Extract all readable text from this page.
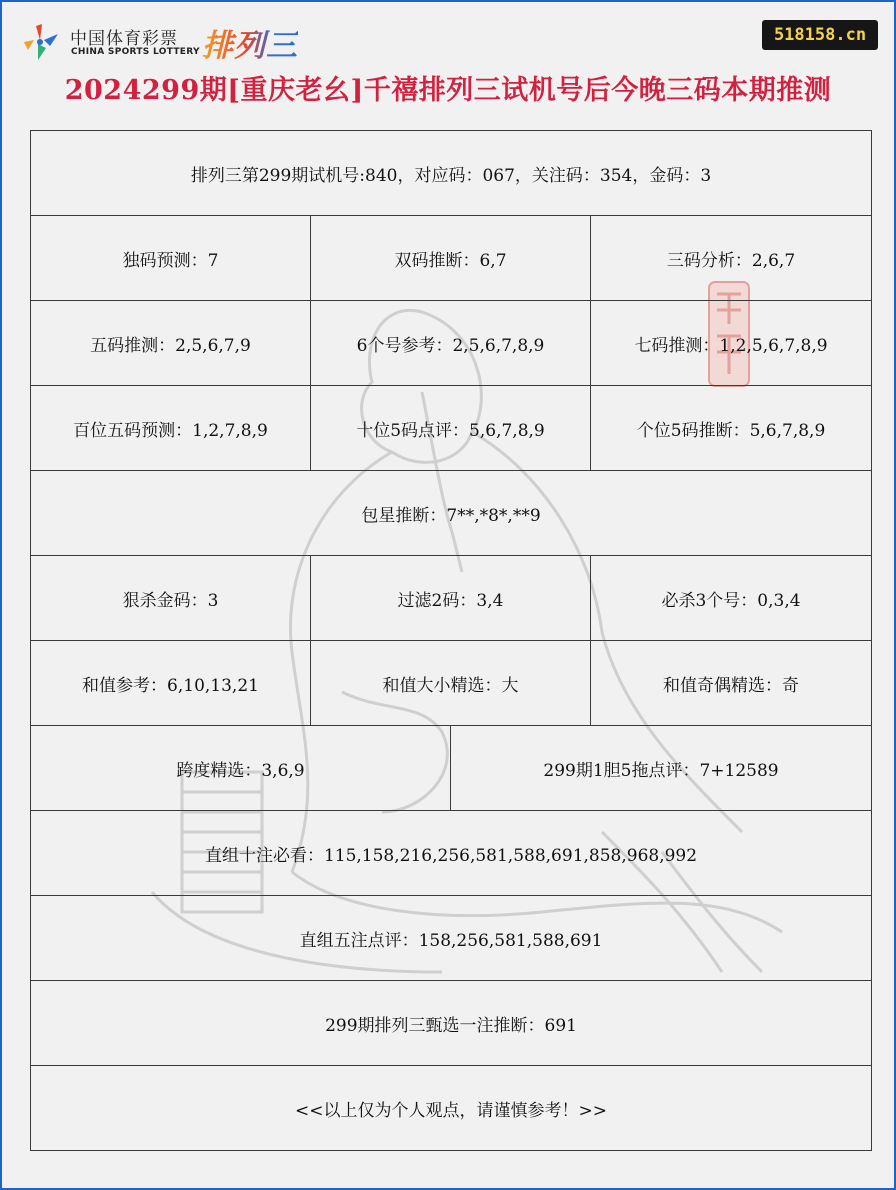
中国体育彩票
CHINA SPORTS LOTTERY 排列三	518158.cn
2024299期[重庆老幺]千禧排列三试机号后今晚三码本期推测
排列三第299期试机号:840，对应码：067，关注码：354，金码：3			
独码预测：7	双码推断：6,7		三码分析：2,6,7
五码推测：2,5,6,7,9	6个号参考：2,5,6,7,8,9		七码推测：1,2,5,6,7,8,9
百位五码预测：1,2,7,8,9	十位5码点评：5,6,7,8,9		个位5码推断：5,6,7,8,9
包星推断：7**,*8*,**9			
狠杀金码：3	过滤2码：3,4		必杀3个号：0,3,4
和值参考：6,10,13,21	和值大小精选：大		和值奇偶精选：奇
跨度精选：3,6,9		299期1胆5拖点评：7+12589	
直组十注必看：115,158,216,256,581,588,691,858,968,992			
直组五注点评：158,256,581,588,691			
299期排列三甄选一注推断：691			
<<以上仅为个人观点，请谨慎参考！>>			
